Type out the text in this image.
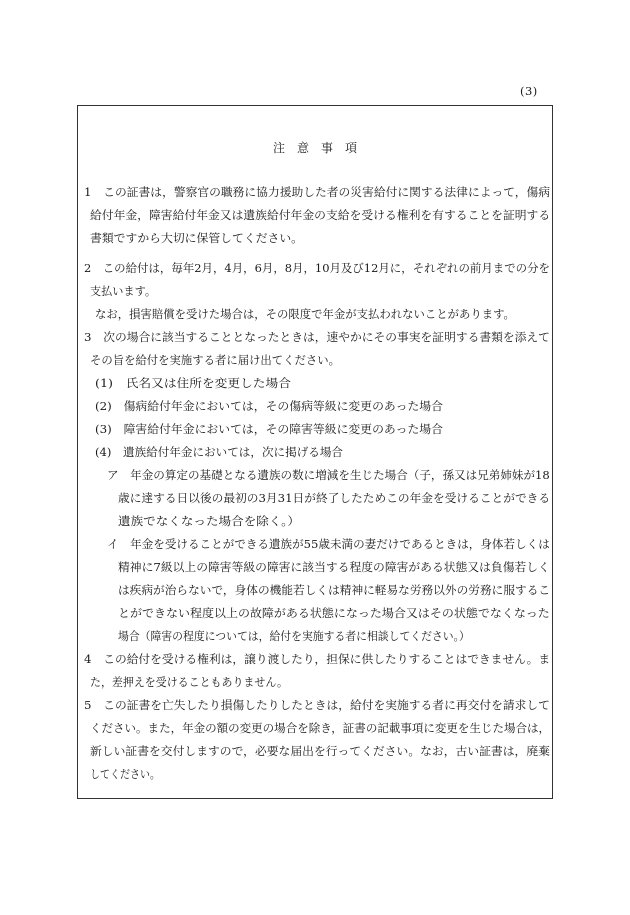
(3)
注　意　事　項
1　この証書は，警察官の職務に協力援助した者の災害給付に関する法律によって，傷病
給付年金，障害給付年金又は遺族給付年金の支給を受ける権利を有することを証明する
書類ですから大切に保管してください。
2　この給付は，毎年2月，4月，6月，8月，10月及び12月に，それぞれの前月までの分を
支払います。
なお，損害賠償を受けた場合は，その限度で年金が支払われないことがあります。
3　次の場合に該当することとなったときは，速やかにその事実を証明する書類を添えて
その旨を給付を実施する者に届け出てください。
(1)　氏名又は住所を変更した場合
(2)　傷病給付年金においては，その傷病等級に変更のあった場合
(3)　障害給付年金においては，その障害等級に変更のあった場合
(4)　遺族給付年金においては，次に掲げる場合
ア　年金の算定の基礎となる遺族の数に増減を生じた場合（子，孫又は兄弟姉妹が18
歳に達する日以後の最初の3月31日が終了したためこの年金を受けることができる
遺族でなくなった場合を除く。）
イ　年金を受けることができる遺族が55歳未満の妻だけであるときは，身体若しくは
精神に7級以上の障害等級の障害に該当する程度の障害がある状態又は負傷若しく
は疾病が治らないで，身体の機能若しくは精神に軽易な労務以外の労務に服するこ
とができない程度以上の故障がある状態になった場合又はその状態でなくなった
場合（障害の程度については，給付を実施する者に相談してください。）
4　この給付を受ける権利は，譲り渡したり，担保に供したりすることはできません。ま
た，差押えを受けることもありません。
5　この証書を亡失したり損傷したりしたときは，給付を実施する者に再交付を請求して
ください。また，年金の額の変更の場合を除き，証書の記載事項に変更を生じた場合は，
新しい証書を交付しますので，必要な届出を行ってください。なお，古い証書は，廃棄
してください。
